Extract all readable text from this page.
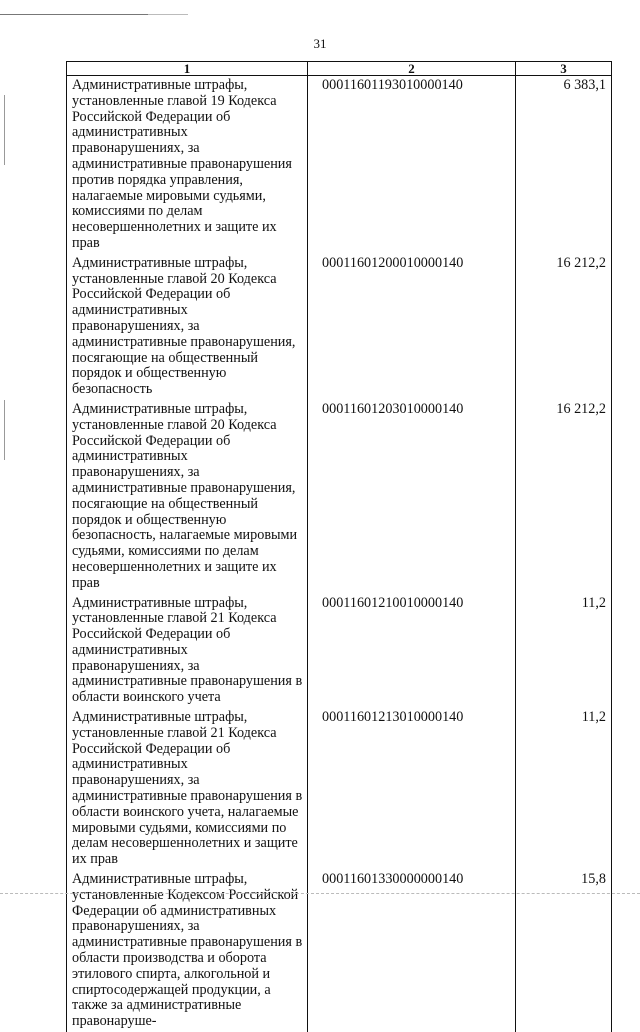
31
1	2	3
Административные штрафы, установленные главой 19 Кодекса Российской Федерации об административных правонарушениях, за административные правонарушения против порядка управления, налагаемые мировыми судьями, комиссиями по делам несовершеннолетних и защите их прав	00011601193010000140	6 383,1
Административные штрафы, установленные главой 20 Кодекса Российской Федерации об административных правонарушениях, за административные правонарушения, посягающие на общественный порядок и общественную безопасность	00011601200010000140	16 212,2
Административные штрафы, установленные главой 20 Кодекса Российской Федерации об административных правонарушениях, за административные правонарушения, посягающие на общественный порядок и общественную безопасность, налагаемые мировыми судьями, комиссиями по делам несовершеннолетних и защите их прав	00011601203010000140	16 212,2
Административные штрафы, установленные главой 21 Кодекса Российской Федерации об административных правонарушениях, за административные правонарушения в области воинского учета	00011601210010000140	11,2
Административные штрафы, установленные главой 21 Кодекса Российской Федерации об административных правонарушениях, за административные правонарушения в области воинского учета, налагаемые мировыми судьями, комиссиями по делам несовершеннолетних и защите их прав	00011601213010000140	11,2
Административные штрафы, установленные Кодексом Российской Федерации об административных правонарушениях, за административные правонарушения в области производства и оборота этилового спирта, алкогольной и спиртосодержащей продукции, а также за административные правонаруше-	00011601330000000140	15,8
